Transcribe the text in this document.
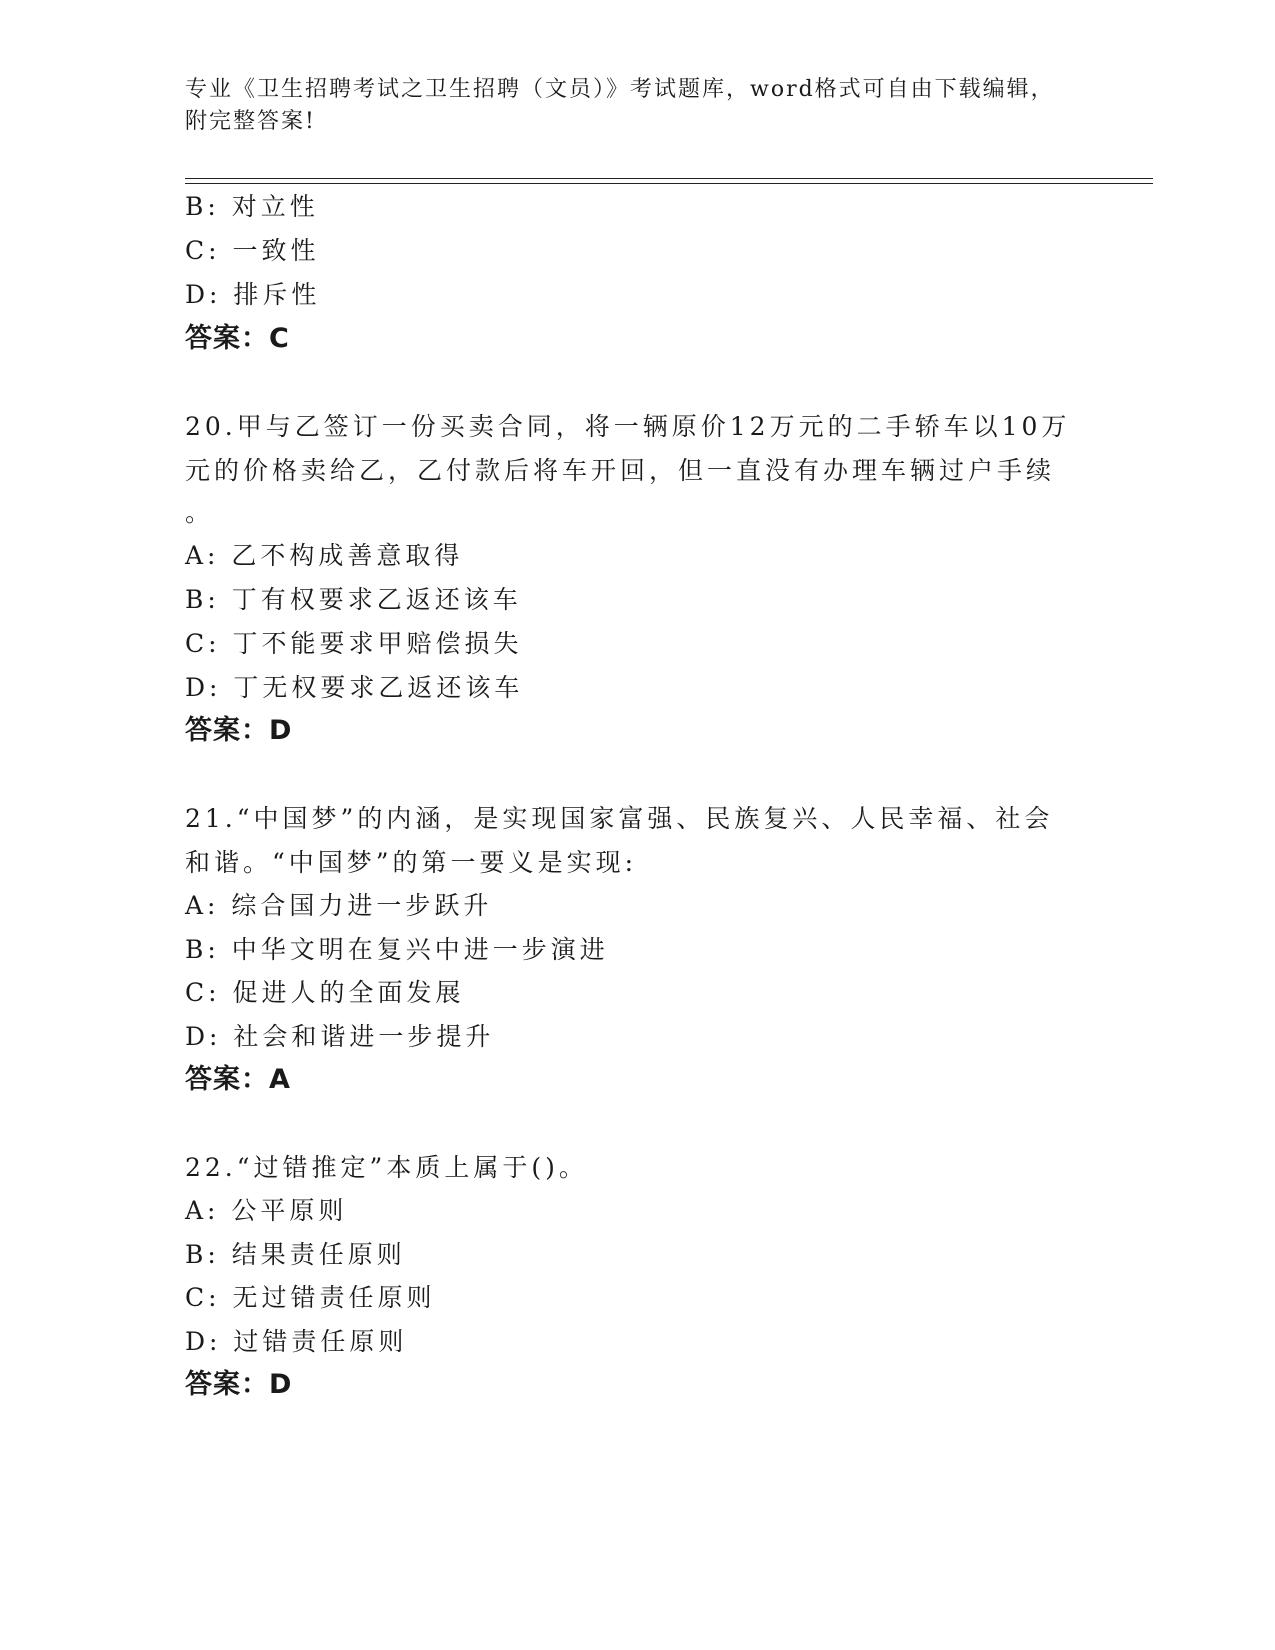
专业《卫生招聘考试之卫生招聘（文员）》考试题库，word格式可自由下载编辑，附完整答案!

B: 对立性

C: 一致性

D: 排斥性

答案：C

20.甲与乙签订一份买卖合同，将一辆原价12万元的二手轿车以10万

元的价格卖给乙，乙付款后将车开回，但一直没有办理车辆过户手续

。

A: 乙不构成善意取得

B: 丁有权要求乙返还该车

C: 丁不能要求甲赔偿损失

D: 丁无权要求乙返还该车

答案：D

21.“中国梦”的内涵，是实现国家富强、民族复兴、人民幸福、社会

和谐。“中国梦”的第一要义是实现:

A: 综合国力进一步跃升

B: 中华文明在复兴中进一步演进

C: 促进人的全面发展

D: 社会和谐进一步提升

答案：A

22.“过错推定”本质上属于()。

A: 公平原则

B: 结果责任原则

C: 无过错责任原则

D: 过错责任原则

答案：D
